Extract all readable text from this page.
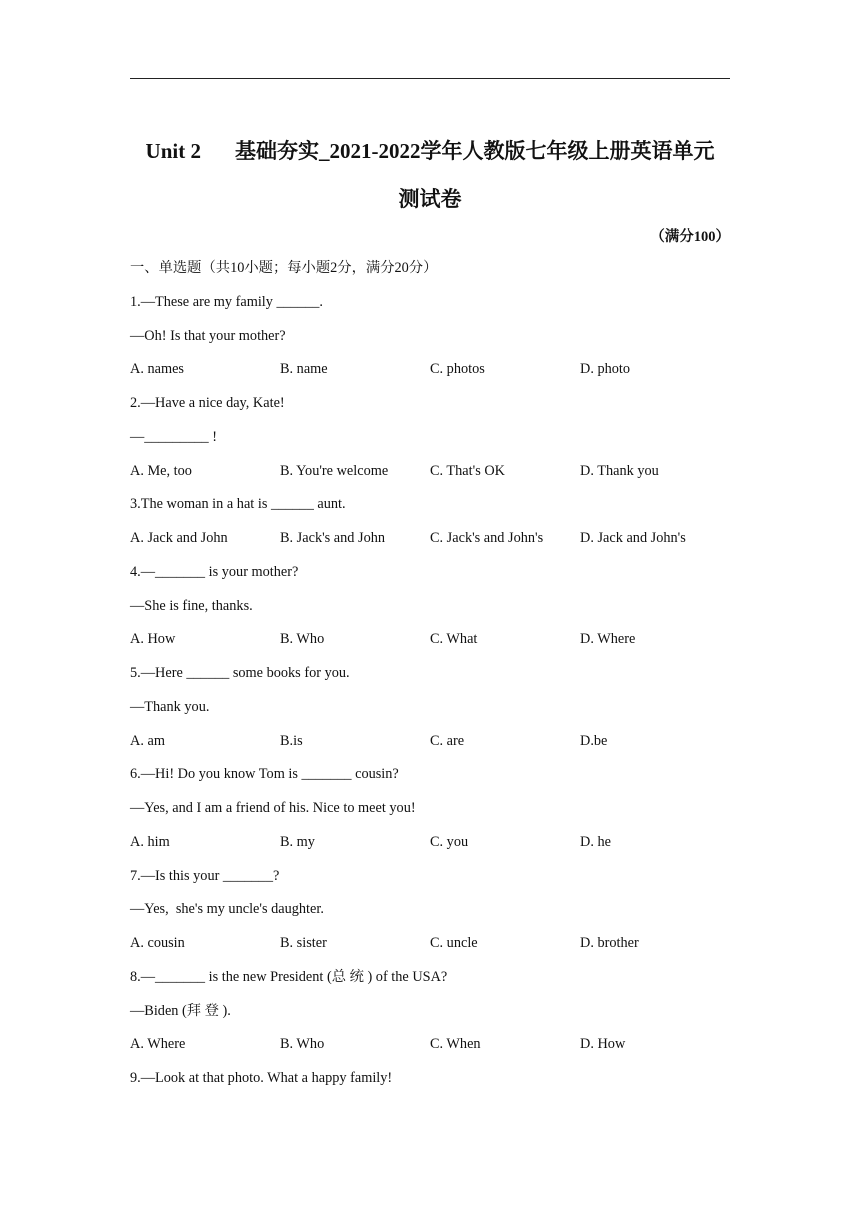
Unit 2 基础夯实_2021-2022学年人教版七年级上册英语单元
测试卷
（满分100）
一、单选题（共10小题；每小题2分，满分20分）
1.—These are my family ______.
—Oh! Is that your mother?
A. names	B. name	C. photos	D. photo
2.—Have a nice day, Kate!
—_________ !
A. Me, too	B. You're welcome	C. That's OK	D. Thank you
3.The woman in a hat is ______ aunt.
A. Jack and John	B. Jack's and John	C. Jack's and John's	D. Jack and John's
4.—_______ is your mother?
—She is fine, thanks.
A. How	B. Who	C. What	D. Where
5.—Here ______ some books for you.
—Thank you.
A. am	B.is	C. are	D.be
6.—Hi! Do you know Tom is _______ cousin?
—Yes, and I am a friend of his. Nice to meet you!
A. him	B. my	C. you	D. he
7.—Is this your _______?
—Yes,  she's my uncle's daughter.
A. cousin	B. sister	C. uncle	D. brother
8.—_______ is the new President (总 统 ) of the USA?
—Biden (拜 登 ).
A. Where	B. Who	C. When	D. How
9.—Look at that photo. What a happy family!
